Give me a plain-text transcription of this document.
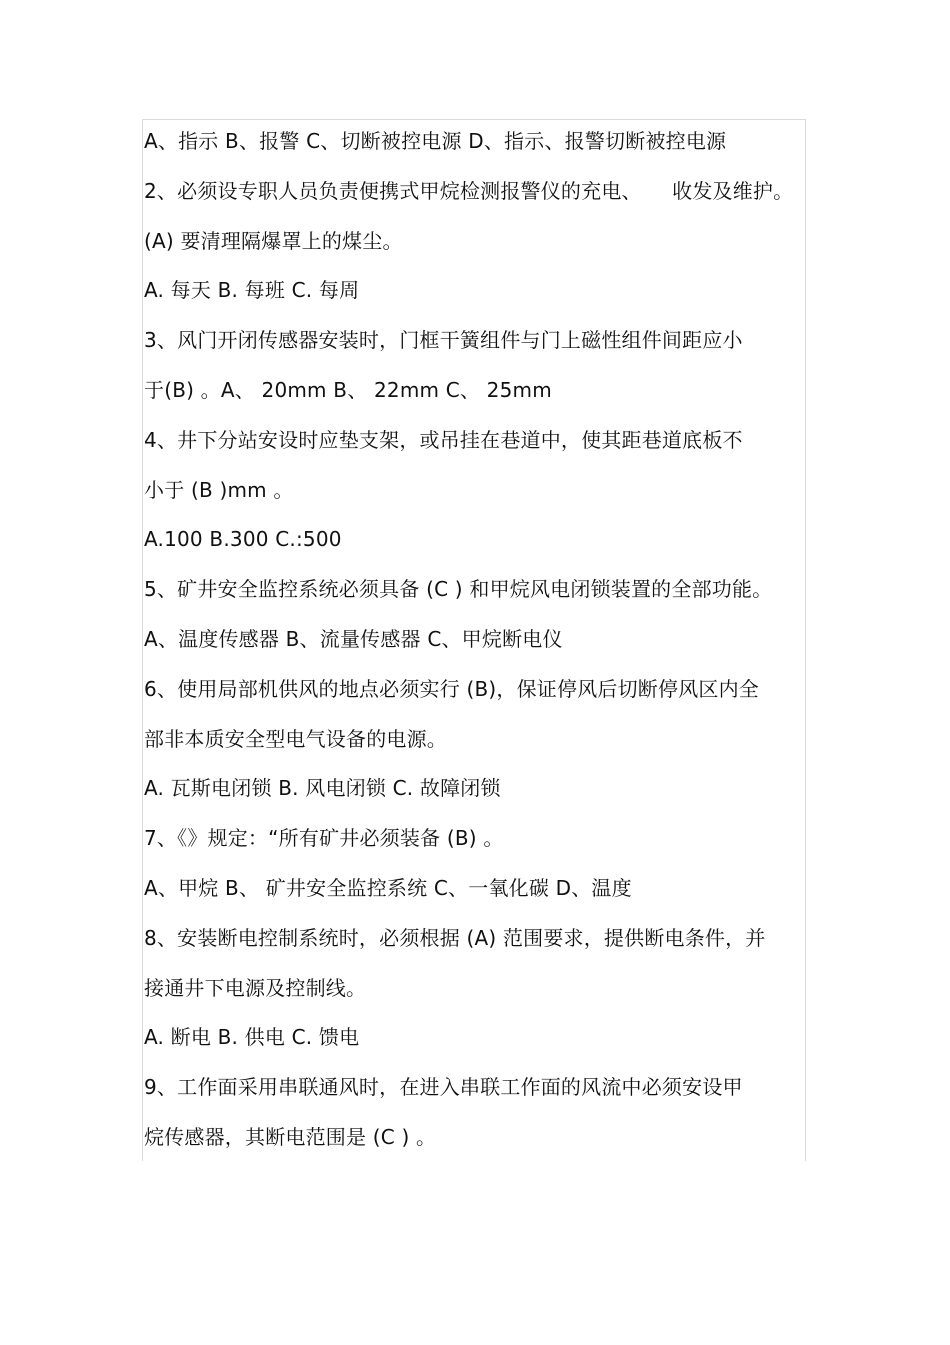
A、指示 B、报警 C、切断被控电源 D、指示、报警切断被控电源
2、必须设专职人员负责便携式甲烷检测报警仪的充电、　　收发及维护。
(A) 要清理隔爆罩上的煤尘。
A. 每天 B. 每班 C. 每周
3、风门开闭传感器安装时，门框干簧组件与门上磁性组件间距应小
于(B) 。A、 20mm B、 22mm C、 25mm
4、井下分站安设时应垫支架，或吊挂在巷道中，使其距巷道底板不
小于 (B )mm 。
A.100 B.300 C.:500
5、矿井安全监控系统必须具备 (C ) 和甲烷风电闭锁装置的全部功能。
A、温度传感器 B、流量传感器 C、甲烷断电仪
6、使用局部机供风的地点必须实行 (B)，保证停风后切断停风区内全
部非本质安全型电气设备的电源。
A. 瓦斯电闭锁 B. 风电闭锁 C. 故障闭锁
7、《》规定：“所有矿井必须装备 (B) 。
A、甲烷 B、 矿井安全监控系统 C、一氧化碳 D、温度
8、安装断电控制系统时，必须根据 (A) 范围要求，提供断电条件，并
接通井下电源及控制线。
A. 断电 B. 供电 C. 馈电
9、工作面采用串联通风时，在进入串联工作面的风流中必须安设甲
烷传感器，其断电范围是 (C ) 。
